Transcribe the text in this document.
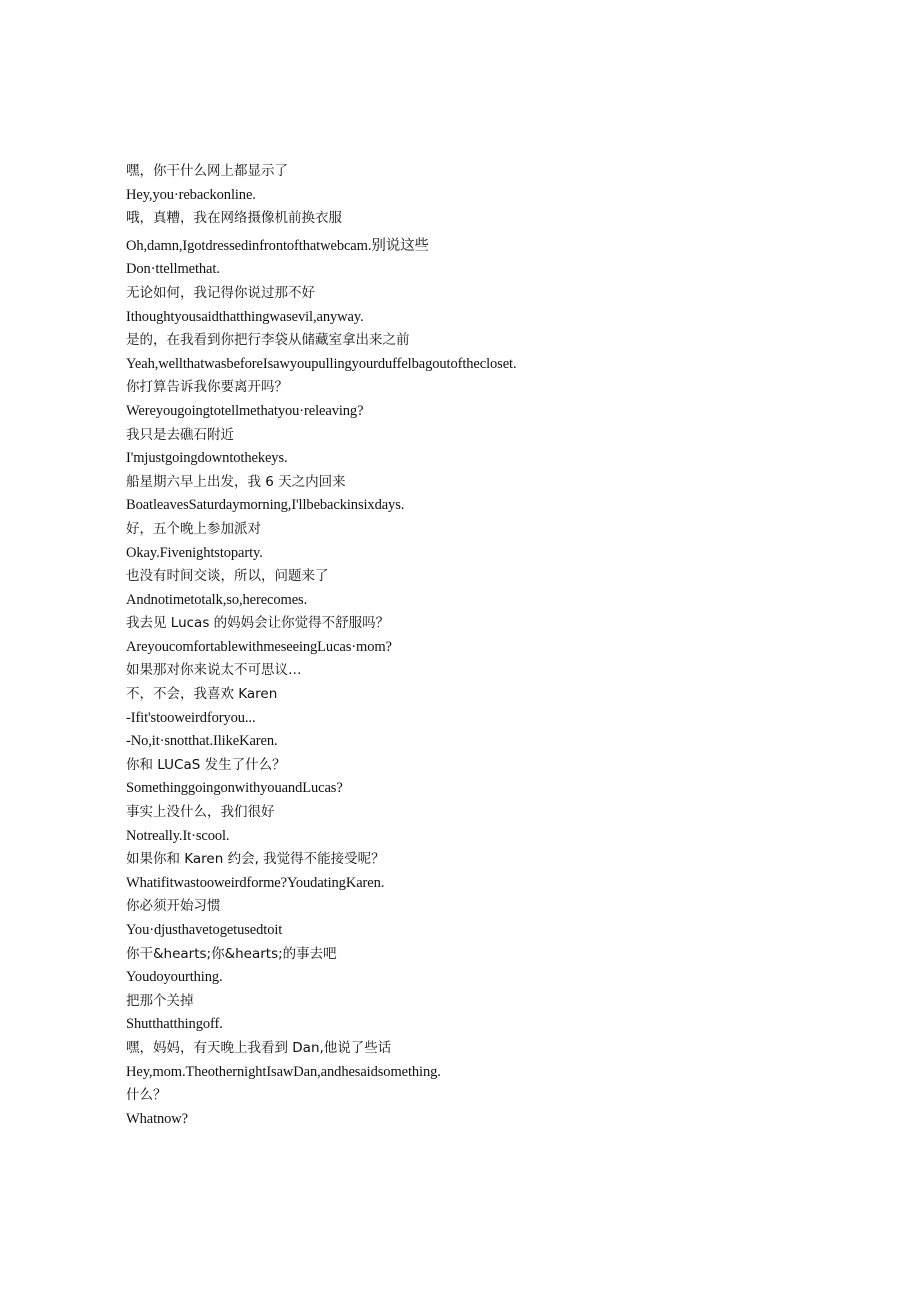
嘿，你干什么网上都显示了
Hey,you·rebackonline.
哦，真糟，我在网络摄像机前换衣服
Oh,damn,Igotdressedinfrontofthatwebcam.别说这些
Don·ttellmethat.
无论如何，我记得你说过那不好
Ithoughtyousaidthatthingwasevil,anyway.
是的，在我看到你把行李袋从储藏室拿出来之前
Yeah,wellthatwasbeforeIsawyoupullingyourduffelbagoutofthecloset.
你打算告诉我你要离开吗？
Wereyougoingtotellmethatyou·releaving?
我只是去礁石附近
I'mjustgoingdowntothekeys.
船星期六早上出发，我 6 天之内回来
BoatleavesSaturdaymorning,I'llbebackinsixdays.
好，五个晚上参加派对
Okay.Fivenightstoparty.
也没有时间交谈，所以，问题来了
Andnotimetotalk,so,herecomes.
我去见 Lucas 的妈妈会让你觉得不舒服吗？
AreyoucomfortablewithmeseeingLucas·mom?
如果那对你来说太不可思议…
不，不会，我喜欢 Karen
-Ifit'stooweirdforyou...
-No,it·snotthat.IlikeKaren.
你和 LUCaS 发生了什么？
SomethinggoingonwithyouandLucas?
事实上没什么，我们很好
Notreally.It·scool.
如果你和 Karen 约会, 我觉得不能接受呢？
Whatifitwastooweirdforme?YoudatingKaren.
你必须开始习惯
You·djusthavetogetusedtoit
你干&hearts;你&hearts;的事去吧
Youdoyourthing.
把那个关掉
Shutthatthingoff.
嘿，妈妈，有天晚上我看到 Dan,他说了些话
Hey,mom.TheothernightIsawDan,andhesaidsomething.
什么？
Whatnow?
